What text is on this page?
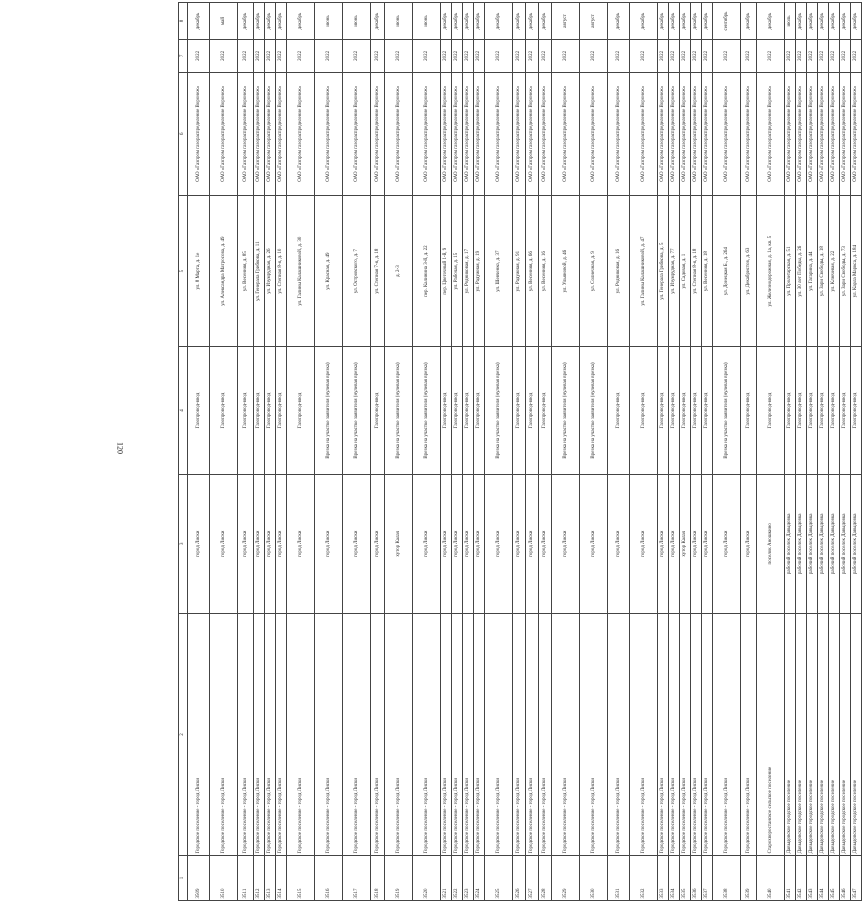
120
1	2	3	4	5	6	7	8
3509	Городское поселение - город Лиски	город Лиски	Газопровод-ввод	ул. 8 Марта, д. 1е	ОАО «Газпром газораспределение Воронеж»	2022	декабрь
3510	Городское поселение - город Лиски	город Лиски	Газопровод-ввод	ул. Александра Матросова, д. 49	ОАО «Газпром газораспределение Воронеж»	2022	май
3511	Городское поселение - город Лиски	город Лиски	Газопровод-ввод	ул. Весенняя, д. 85	ОАО «Газпром газораспределение Воронеж»	2022	декабрь
3512	Городское поселение - город Лиски	город Лиски	Газопровод-ввод	ул. Генерала Грибкова, д. 11	ОАО «Газпром газораспределение Воронеж»	2022	декабрь
3513	Городское поселение - город Лиски	город Лиски	Газопровод-ввод	ул. Изумрудная, д. 26	ОАО «Газпром газораспределение Воронеж»	2022	декабрь
3514	Городское поселение - город Лиски	город Лиски	Газопровод-ввод	ул. Степная 8-я, д. 10	ОАО «Газпром газораспределение Воронеж»	2022	декабрь
3515	Городское поселение - город Лиски	город Лиски	Газопровод-ввод	ул. Галины Калашниковой, д. 30	ОАО «Газпром газораспределение Воронеж»	2022	декабрь
3516	Городское поселение - город Лиски	город Лиски	Врезка на участке заявителя (нулевая врезка)	ул. Красная, д. 49	ОАО «Газпром газораспределение Воронеж»	2022	июнь
3517	Городское поселение - город Лиски	город Лиски	Врезка на участке заявителя (нулевая врезка)	ул. Островского, д. 7	ОАО «Газпром газораспределение Воронеж»	2022	июнь
3518	Городское поселение - город Лиски	город Лиски	Газопровод-ввод	ул. Степная 7-я, д. 18	ОАО «Газпром газораспределение Воронеж»	2022	декабрь
3519	Городское поселение - город Лиски	хутор Калач	Врезка на участке заявителя (нулевая врезка)	д. 2-3	ОАО «Газпром газораспределение Воронеж»	2022	июнь
3520	Городское поселение - город Лиски	город Лиски	Врезка на участке заявителя (нулевая врезка)	пер. Калинина 3-й, д. 22	ОАО «Газпром газораспределение Воронеж»	2022	июнь
3521	Городское поселение - город Лиски	город Лиски	Газопровод-ввод	пер. Цветочный 1-й, 9	ОАО «Газпром газораспределение Воронеж»	2022	декабрь
3522	Городское поселение - город Лиски	город Лиски	Газопровод-ввод	ул. Рабочая, д. 15	ОАО «Газпром газораспределение Воронеж»	2022	декабрь
3523	Городское поселение - город Лиски	город Лиски	Газопровод-ввод	ул. Родниковая, д. 17	ОАО «Газпром газораспределение Воронеж»	2022	декабрь
3524	Городское поселение - город Лиски	город Лиски	Газопровод-ввод	ул. Радужная, д. 19	ОАО «Газпром газораспределение Воронеж»	2022	декабрь
3525	Городское поселение - город Лиски	город Лиски	Врезка на участке заявителя (нулевая врезка)	ул. Шевченко, д. 37	ОАО «Газпром газораспределение Воронеж»	2022	декабрь
3526	Городское поселение - город Лиски	город Лиски	Газопровод-ввод	ул. Радужная, д. 91	ОАО «Газпром газораспределение Воронеж»	2022	декабрь
3527	Городское поселение - город Лиски	город Лиски	Газопровод-ввод	ул. Весенняя, д. 66	ОАО «Газпром газораспределение Воронеж»	2022	декабрь
3528	Городское поселение - город Лиски	город Лиски	Газопровод-ввод	ул. Весенняя, д. 16	ОАО «Газпром газораспределение Воронеж»	2022	декабрь
3529	Городское поселение - город Лиски	город Лиски	Врезка на участке заявителя (нулевая врезка)	ул. Ульяновой, д. 46	ОАО «Газпром газораспределение Воронеж»	2022	август
3530	Городское поселение - город Лиски	город Лиски	Врезка на участке заявителя (нулевая врезка)	ул. Солнечная, д. 9	ОАО «Газпром газораспределение Воронеж»	2022	август
3531	Городское поселение - город Лиски	город Лиски	Газопровод-ввод	ул. Родниковая, д. 16	ОАО «Газпром газораспределение Воронеж»	2022	декабрь
3532	Городское поселение - город Лиски	город Лиски	Газопровод-ввод	ул. Галины Калашниковой, д. 47	ОАО «Газпром газораспределение Воронеж»	2022	декабрь
3533	Городское поселение - город Лиски	город Лиски	Газопровод-ввод	ул. Генерала Грибкова, д. 5	ОАО «Газпром газораспределение Воронеж»	2022	декабрь
3534	Городское поселение - город Лиски	город Лиски	Газопровод-ввод	ул. Изумрудная, д. 77	ОАО «Газпром газораспределение Воронеж»	2022	декабрь
3535	Городское поселение - город Лиски	хутор Калач	Газопровод-ввод	ул. Садовая, д. 1	ОАО «Газпром газораспределение Воронеж»	2022	декабрь
3536	Городское поселение - город Лиски	город Лиски	Газопровод-ввод	ул. Степная 8-я, д. 18	ОАО «Газпром газораспределение Воронеж»	2022	декабрь
3537	Городское поселение - город Лиски	город Лиски	Газопровод-ввод	ул. Весенняя, д. 18	ОАО «Газпром газораспределение Воронеж»	2022	декабрь
3538	Городское поселение - город Лиски	город Лиски	Врезка на участке заявителя (нулевая врезка)	ул. Донецкая Б., д. 264	ОАО «Газпром газораспределение Воронеж»	2022	сентябрь
3539	Городское поселение - город Лиски	город Лиски	Газопровод-ввод	ул. Декабристов, д. 63	ОАО «Газпром газораспределение Воронеж»	2022	декабрь
3540	Старохворостанское сельское поселение	поселок Аношкино	Газопровод-ввод	ул. Железнодорожная, д. 1а, кв. 5	ОАО «Газпром газораспределение Воронеж»	2022	декабрь
3541	Давыдовское городское поселение	рабочий поселок Давыдовка	Газопровод-ввод	ул. Пролетарская, д. 51	ОАО «Газпром газораспределение Воронеж»	2022	июль
3542	Давыдовское городское поселение	рабочий поселок Давыдовка	Газопровод-ввод	ул. 30 лет Победы, д. 26	ОАО «Газпром газораспределение Воронеж»	2022	декабрь
3543	Давыдовское городское поселение	рабочий поселок Давыдовка	Газопровод-ввод	ул. Гагарина, д. 44	ОАО «Газпром газораспределение Воронеж»	2022	декабрь
3544	Давыдовское городское поселение	рабочий поселок Давыдовка	Газопровод-ввод	ул. Зари Свободы, д. 18	ОАО «Газпром газораспределение Воронеж»	2022	декабрь
3545	Давыдовское городское поселение	рабочий поселок Давыдовка	Газопровод-ввод	ул. Ключевая, д. 22	ОАО «Газпром газораспределение Воронеж»	2022	декабрь
3546	Давыдовское городское поселение	рабочий поселок Давыдовка	Газопровод-ввод	ул. Зари Свободы, д. 73	ОАО «Газпром газораспределение Воронеж»	2022	декабрь
3547	Давыдовское городское поселение	рабочий поселок Давыдовка	Газопровод-ввод	ул. Карла Маркса, д. 184	ОАО «Газпром газораспределение Воронеж»	2022	декабрь
